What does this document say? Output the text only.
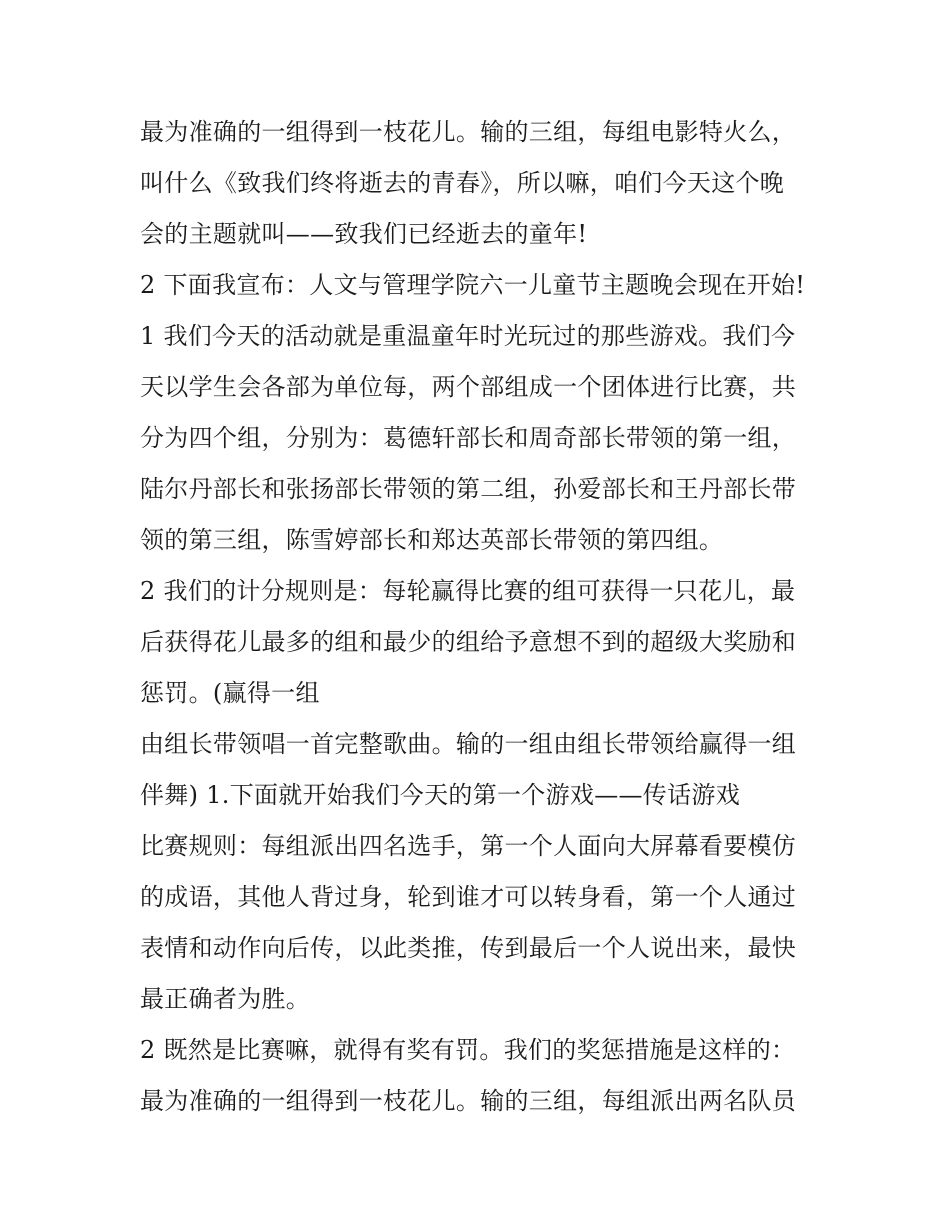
最为准确的一组得到一枝花儿。输的三组，每组电影特火么，
叫什么《致我们终将逝去的青春》，所以嘛，咱们今天这个晚
会的主题就叫——致我们已经逝去的童年!
2 下面我宣布：人文与管理学院六一儿童节主题晚会现在开始!
1 我们今天的活动就是重温童年时光玩过的那些游戏。我们今
天以学生会各部为单位每，两个部组成一个团体进行比赛，共
分为四个组，分别为：葛德轩部长和周奇部长带领的第一组，
陆尔丹部长和张扬部长带领的第二组，孙爱部长和王丹部长带
领的第三组，陈雪婷部长和郑达英部长带领的第四组。
2 我们的计分规则是：每轮赢得比赛的组可获得一只花儿，最
后获得花儿最多的组和最少的组给予意想不到的超级大奖励和
惩罚。(赢得一组
由组长带领唱一首完整歌曲。输的一组由组长带领给赢得一组
伴舞) 1.下面就开始我们今天的第一个游戏——传话游戏
比赛规则：每组派出四名选手，第一个人面向大屏幕看要模仿
的成语，其他人背过身，轮到谁才可以转身看，第一个人通过
表情和动作向后传，以此类推，传到最后一个人说出来，最快
最正确者为胜。
2 既然是比赛嘛，就得有奖有罚。我们的奖惩措施是这样的：
最为准确的一组得到一枝花儿。输的三组，每组派出两名队员
